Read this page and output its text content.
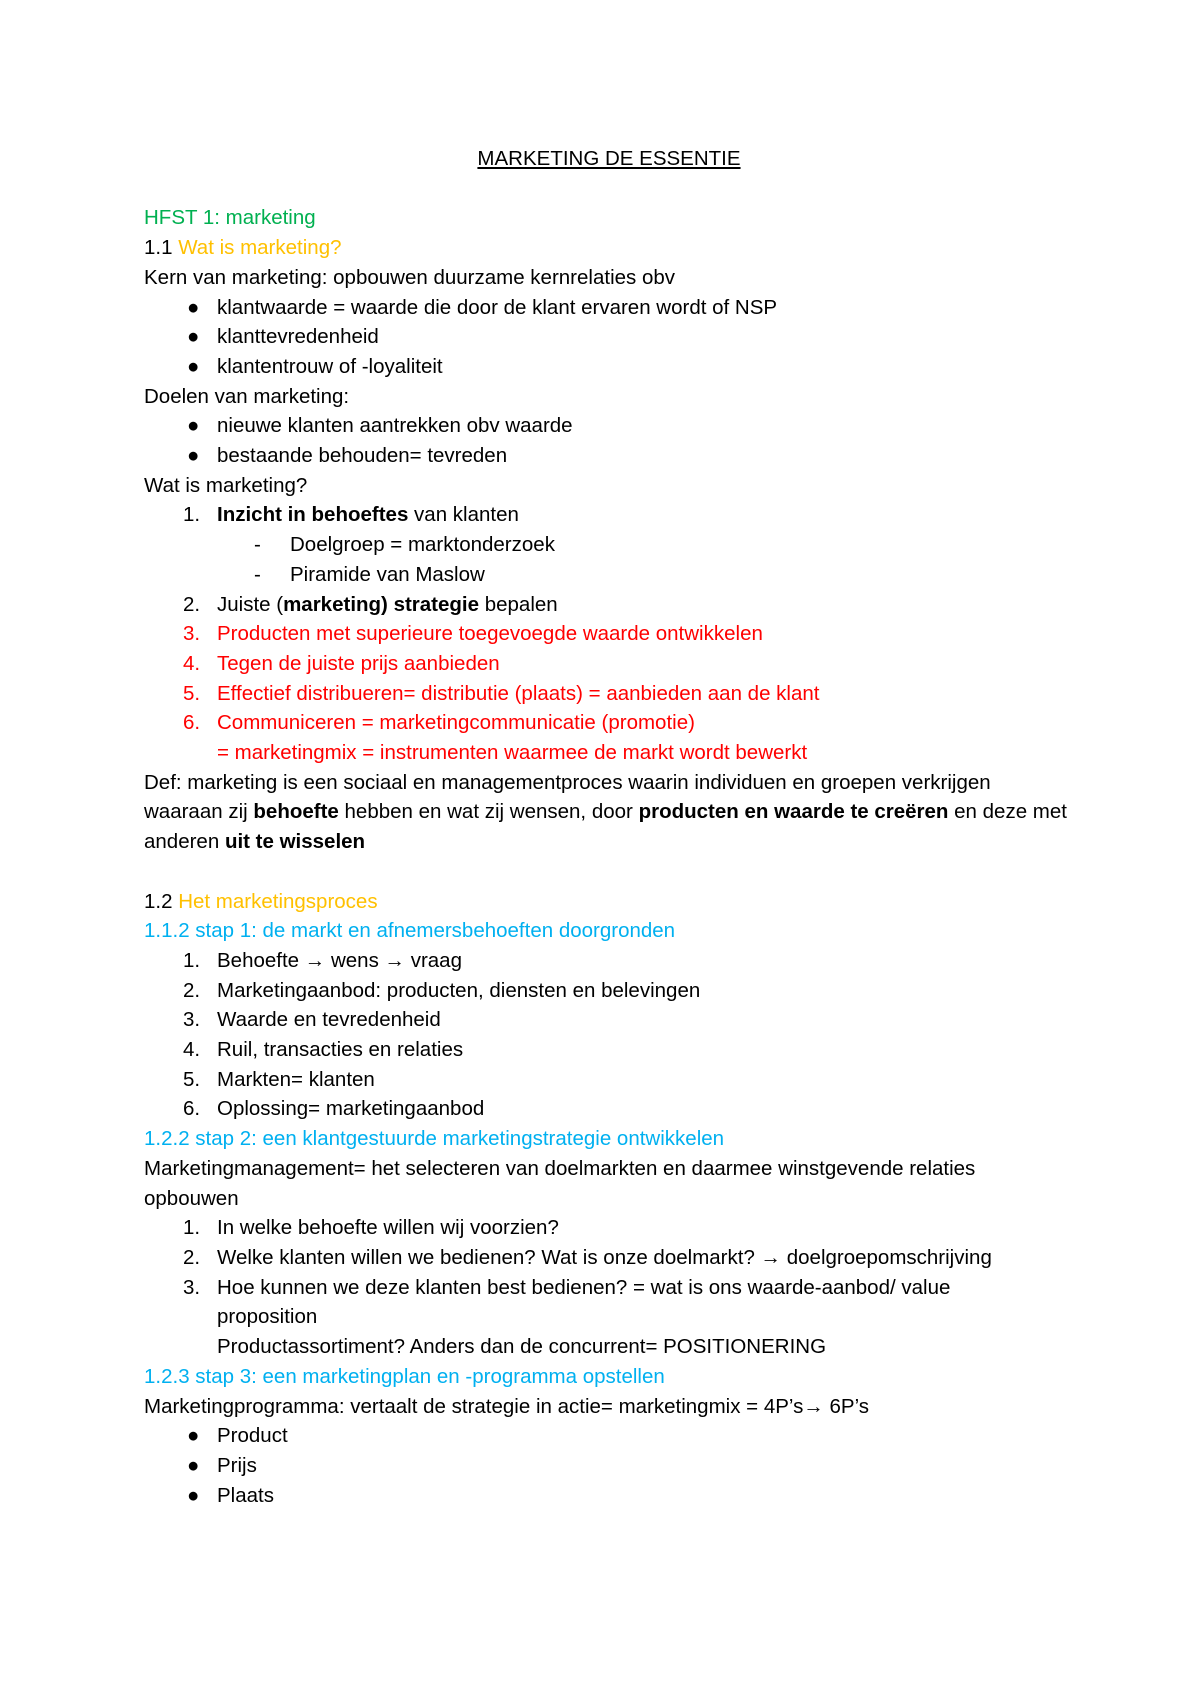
MARKETING DE ESSENTIE
HFST 1: marketing
1.1 Wat is marketing?
Kern van marketing: opbouwen duurzame kernrelaties obv
● klantwaarde = waarde die door de klant ervaren wordt of NSP
● klanttevredenheid
● klantentrouw of -loyaliteit
Doelen van marketing:
● nieuwe klanten aantrekken obv waarde
● bestaande behouden= tevreden
Wat is marketing?
1. Inzicht in behoeftes van klanten
- Doelgroep = marktonderzoek
- Piramide van Maslow
2. Juiste (marketing) strategie bepalen
3. Producten met superieure toegevoegde waarde ontwikkelen
4. Tegen de juiste prijs aanbieden
5. Effectief distribueren= distributie (plaats) = aanbieden aan de klant
6. Communiceren = marketingcommunicatie (promotie)
= marketingmix = instrumenten waarmee de markt wordt bewerkt
Def: marketing is een sociaal en managementproces waarin individuen en groepen verkrijgen waaraan zij behoefte hebben en wat zij wensen, door producten en waarde te creëren en deze met anderen uit te wisselen
1.2 Het marketingsproces
1.1.2 stap 1: de markt en afnemersbehoeften doorgronden
1. Behoefte → wens → vraag
2. Marketingaanbod: producten, diensten en belevingen
3. Waarde en tevredenheid
4. Ruil, transacties en relaties
5. Markten= klanten
6. Oplossing= marketingaanbod
1.2.2 stap 2: een klantgestuurde marketingstrategie ontwikkelen
Marketingmanagement= het selecteren van doelmarkten en daarmee winstgevende relaties opbouwen
1. In welke behoefte willen wij voorzien?
2. Welke klanten willen we bedienen? Wat is onze doelmarkt? → doelgroepomschrijving
3. Hoe kunnen we deze klanten best bedienen? = wat is ons waarde-aanbod/ value proposition
Productassortiment? Anders dan de concurrent= POSITIONERING
1.2.3 stap 3: een marketingplan en -programma opstellen
Marketingprogramma: vertaalt de strategie in actie= marketingmix = 4P’s→ 6P’s
● Product
● Prijs
● Plaats
